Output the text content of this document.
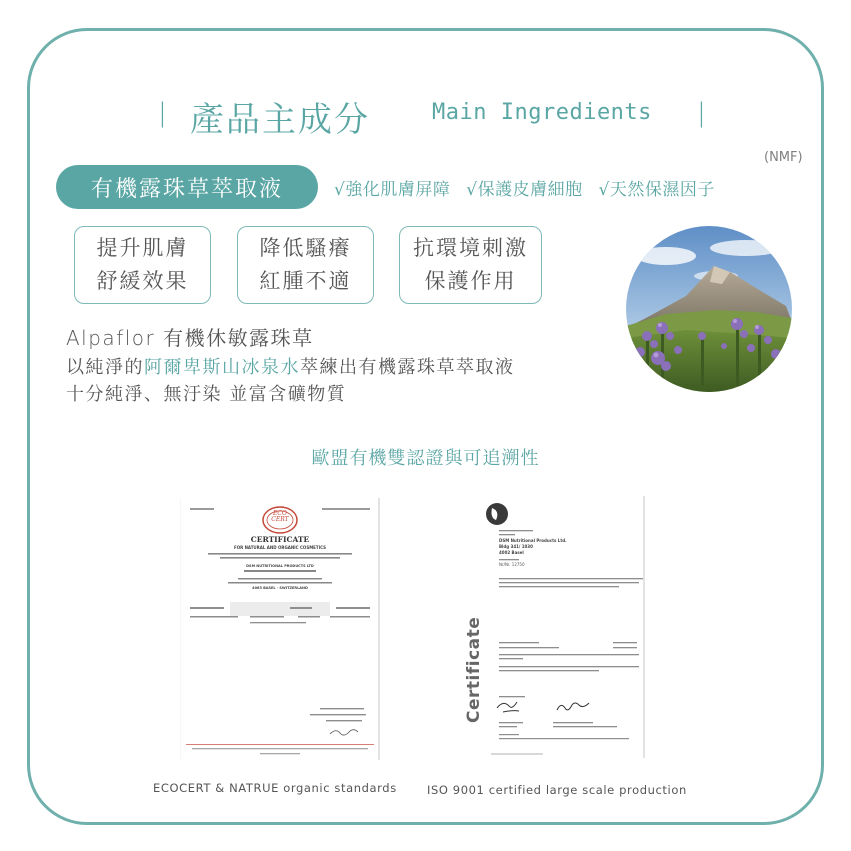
| 產品主成分	Main Ingredients |
(NMF)
有機露珠草萃取液	√強化肌膚屏障 √保護皮膚細胞 √天然保濕因子
提升肌膚
舒緩效果
降低騷癢
紅腫不適
抗環境刺激
保護作用
Alpaflor 有機休敏露珠草
以純淨的阿爾卑斯山冰泉水萃練出有機露珠草萃取液
十分純淨、無汙染 並富含礦物質
歐盟有機雙認證與可追溯性
ECO CERT
CERTIFICATE
FOR NATURAL AND ORGANIC COSMETICS
DSM NUTRITIONAL PRODUCTS LTD
4063 BASEL · SWITZERLAND
Certificate
DSM Nutritional Products Ltd.
Bldg 341/ 1030
4002 Basel
Nr/Nr. 12750
ECOCERT & NATRUE organic standards	ISO 9001 certified large scale production
